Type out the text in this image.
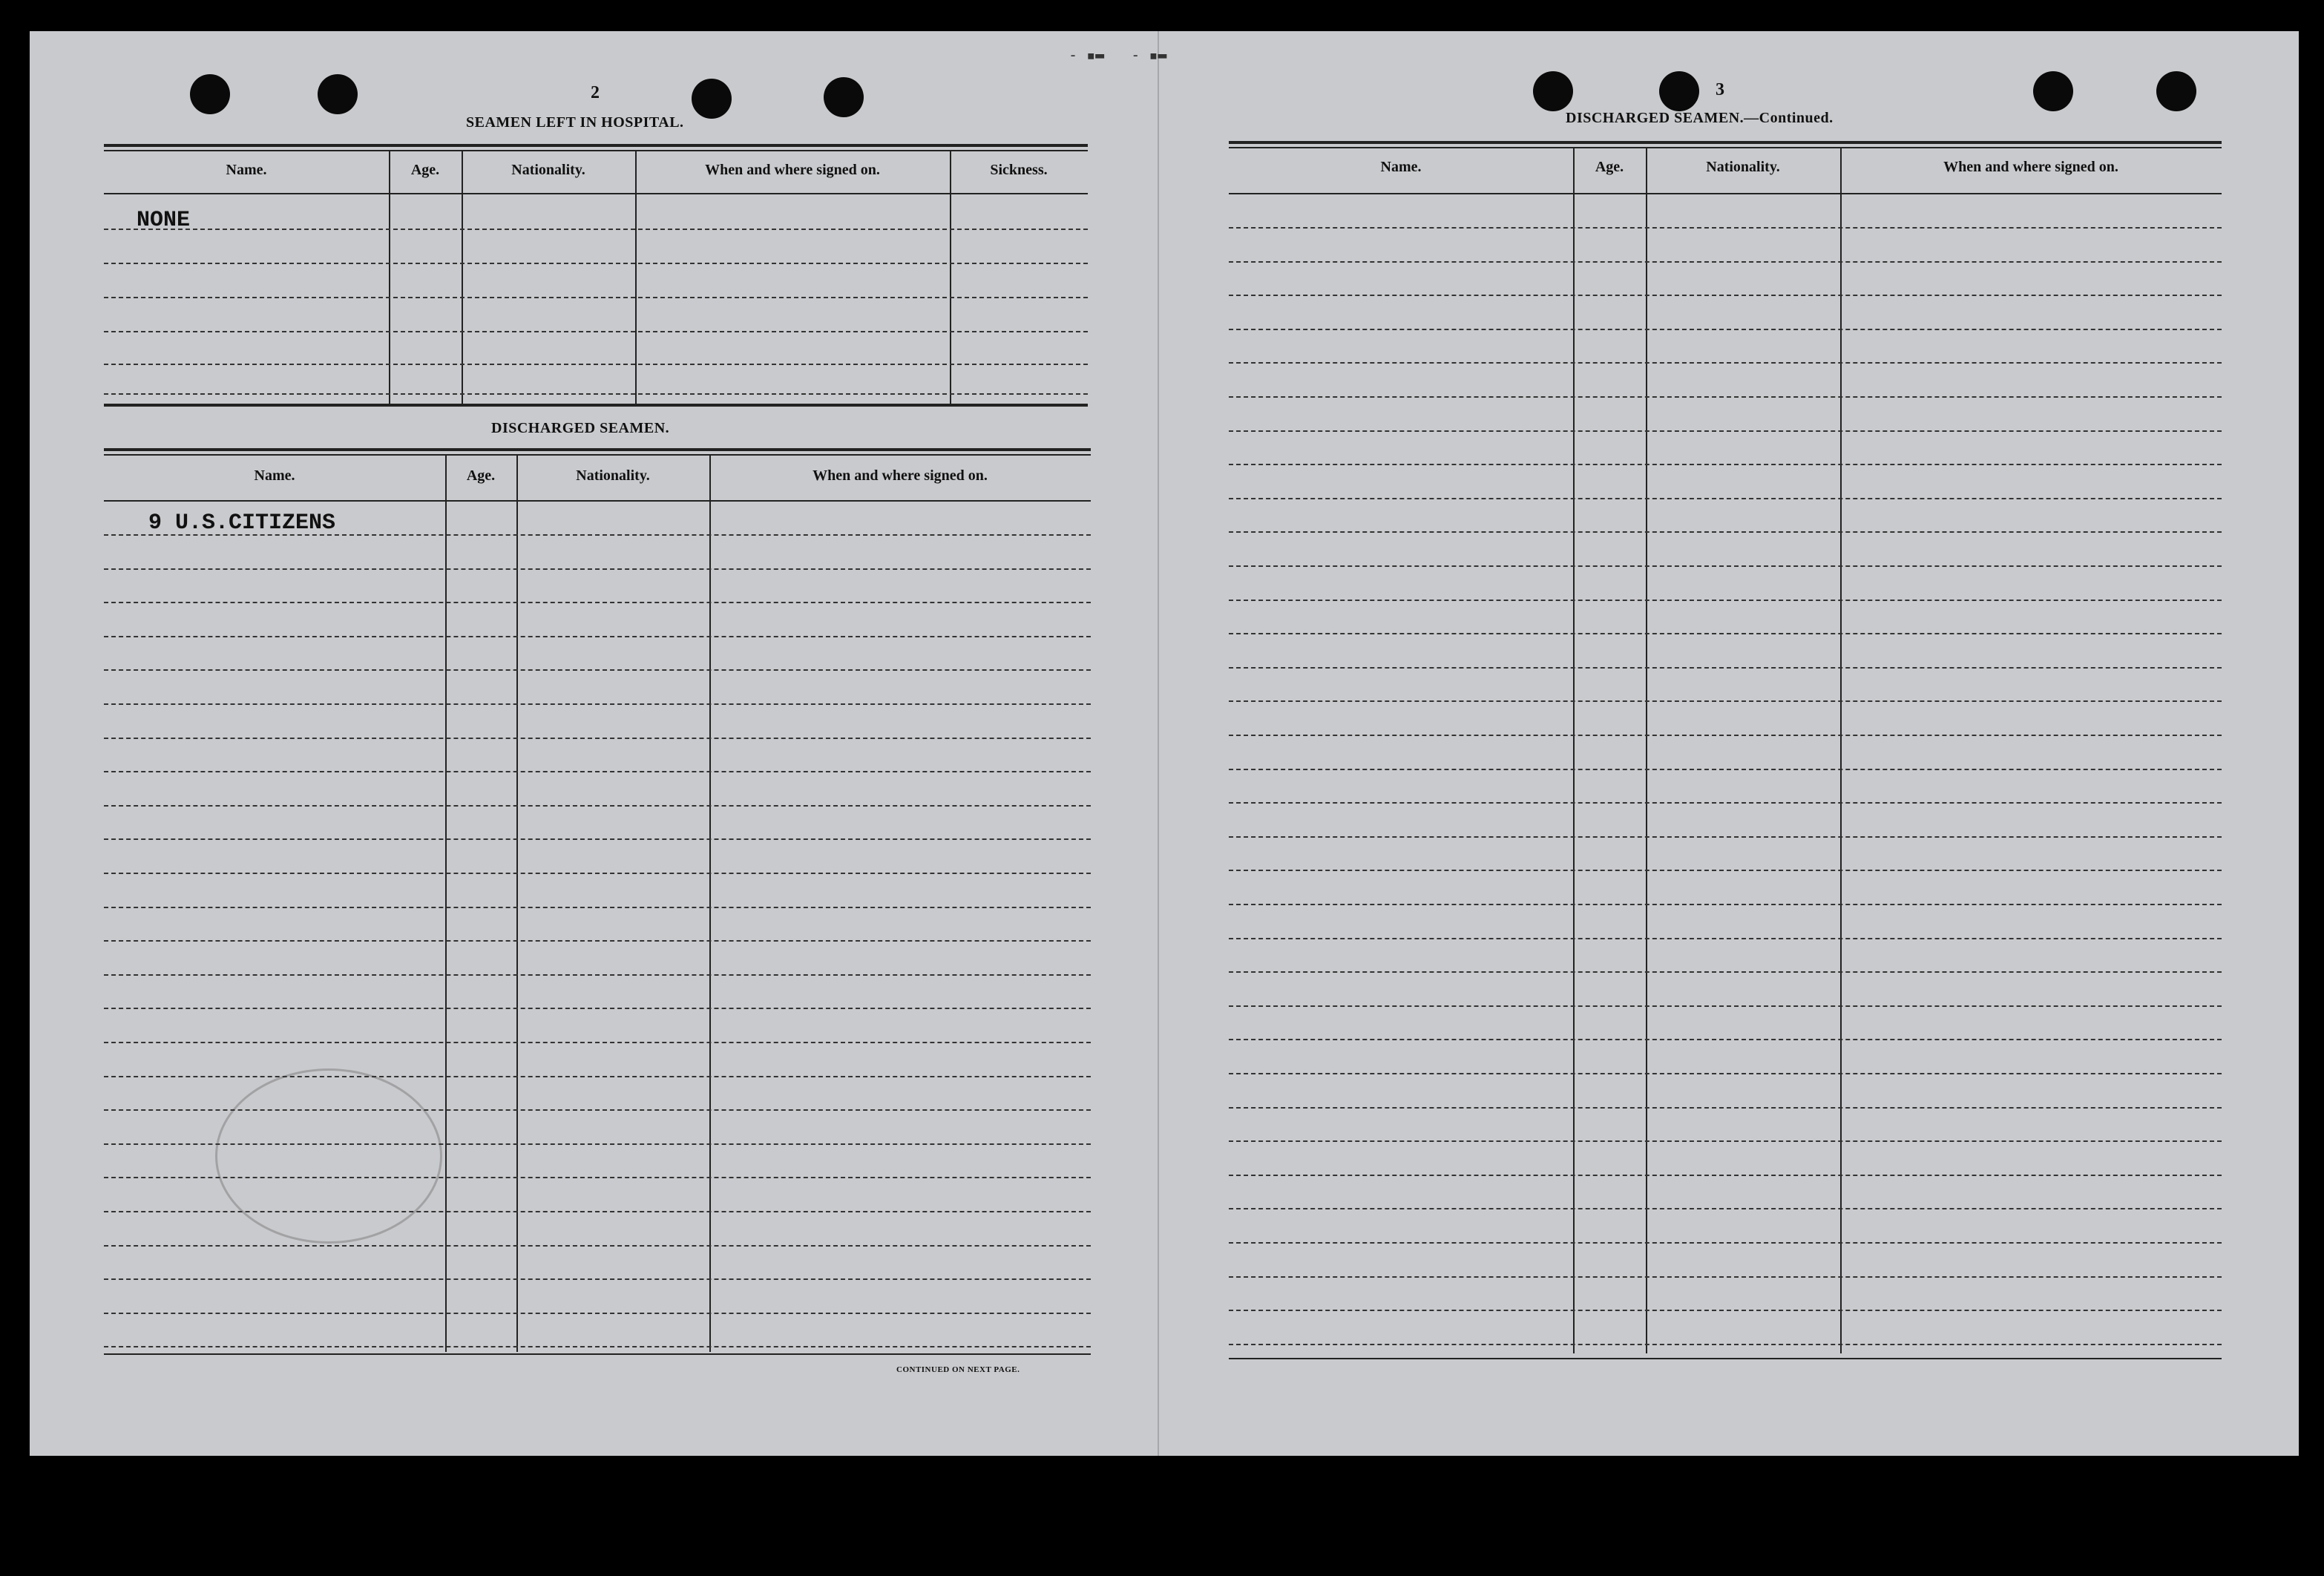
2
SEAMEN LEFT IN HOSPITAL.
Name.	Age.	Nationality.	When and where signed on.	Sickness.
NONE
DISCHARGED SEAMEN.
Name.	Age.	Nationality.	When and where signed on.
9 U.S.CITIZENS
CONTINUED ON NEXT PAGE.
‑ ▪▬   ‑ ▪▬
3
DISCHARGED SEAMEN.—Continued.
Name.	Age.	Nationality.	When and where signed on.
